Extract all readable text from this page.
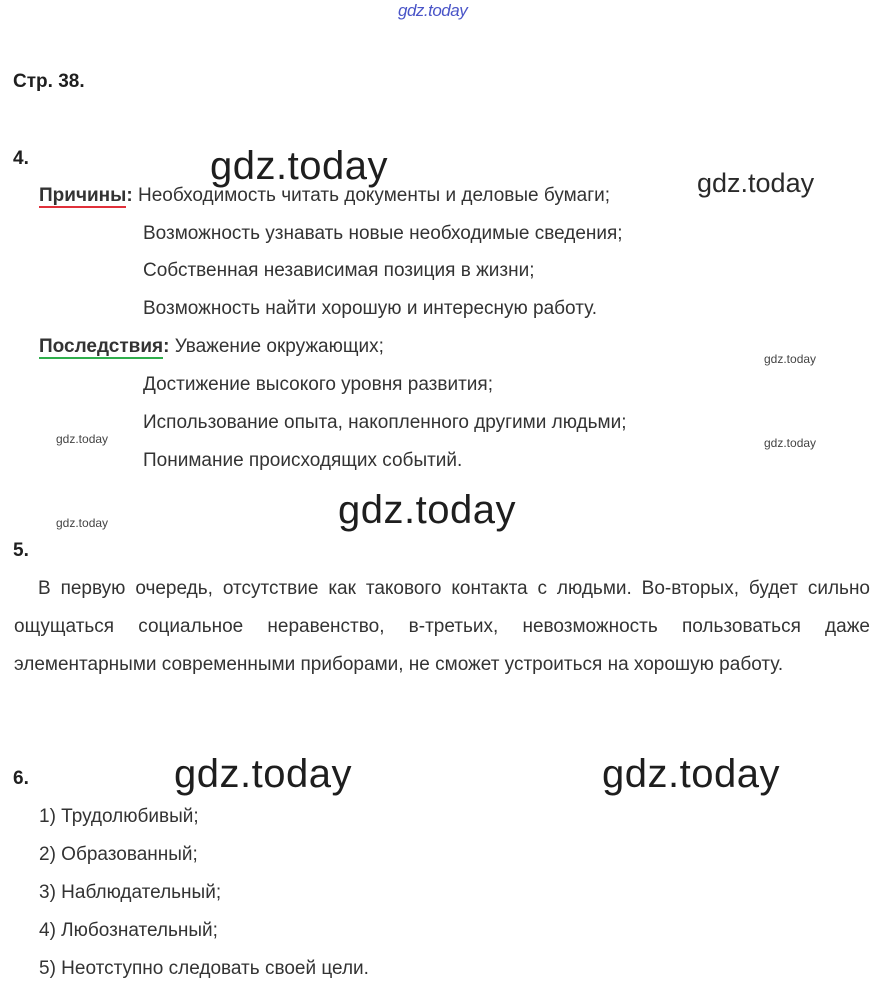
gdz.today
gdz.today	gdz.today
gdz.today
gdz.today	gdz.today
gdz.today	gdz.today
gdz.today	gdz.today
Стр. 38.
4.
Причины: Необходимость читать документы и деловые бумаги;
Возможность узнавать новые необходимые сведения;
Собственная независимая позиция в жизни;
Возможность найти хорошую и интересную работу.
Последствия: Уважение окружающих;
Достижение высокого уровня развития;
Использование опыта, накопленного другими людьми;
Понимание происходящих событий.
5.
В первую очередь, отсутствие как такового контакта с людьми. Во-вторых, будет сильно ощущаться социальное неравенство, в-третьих, невозможность пользоваться даже элементарными современными приборами, не сможет устроиться на хорошую работу.
6.
1) Трудолюбивый;
2) Образованный;
3) Наблюдательный;
4) Любознательный;
5) Неотступно следовать своей цели.
